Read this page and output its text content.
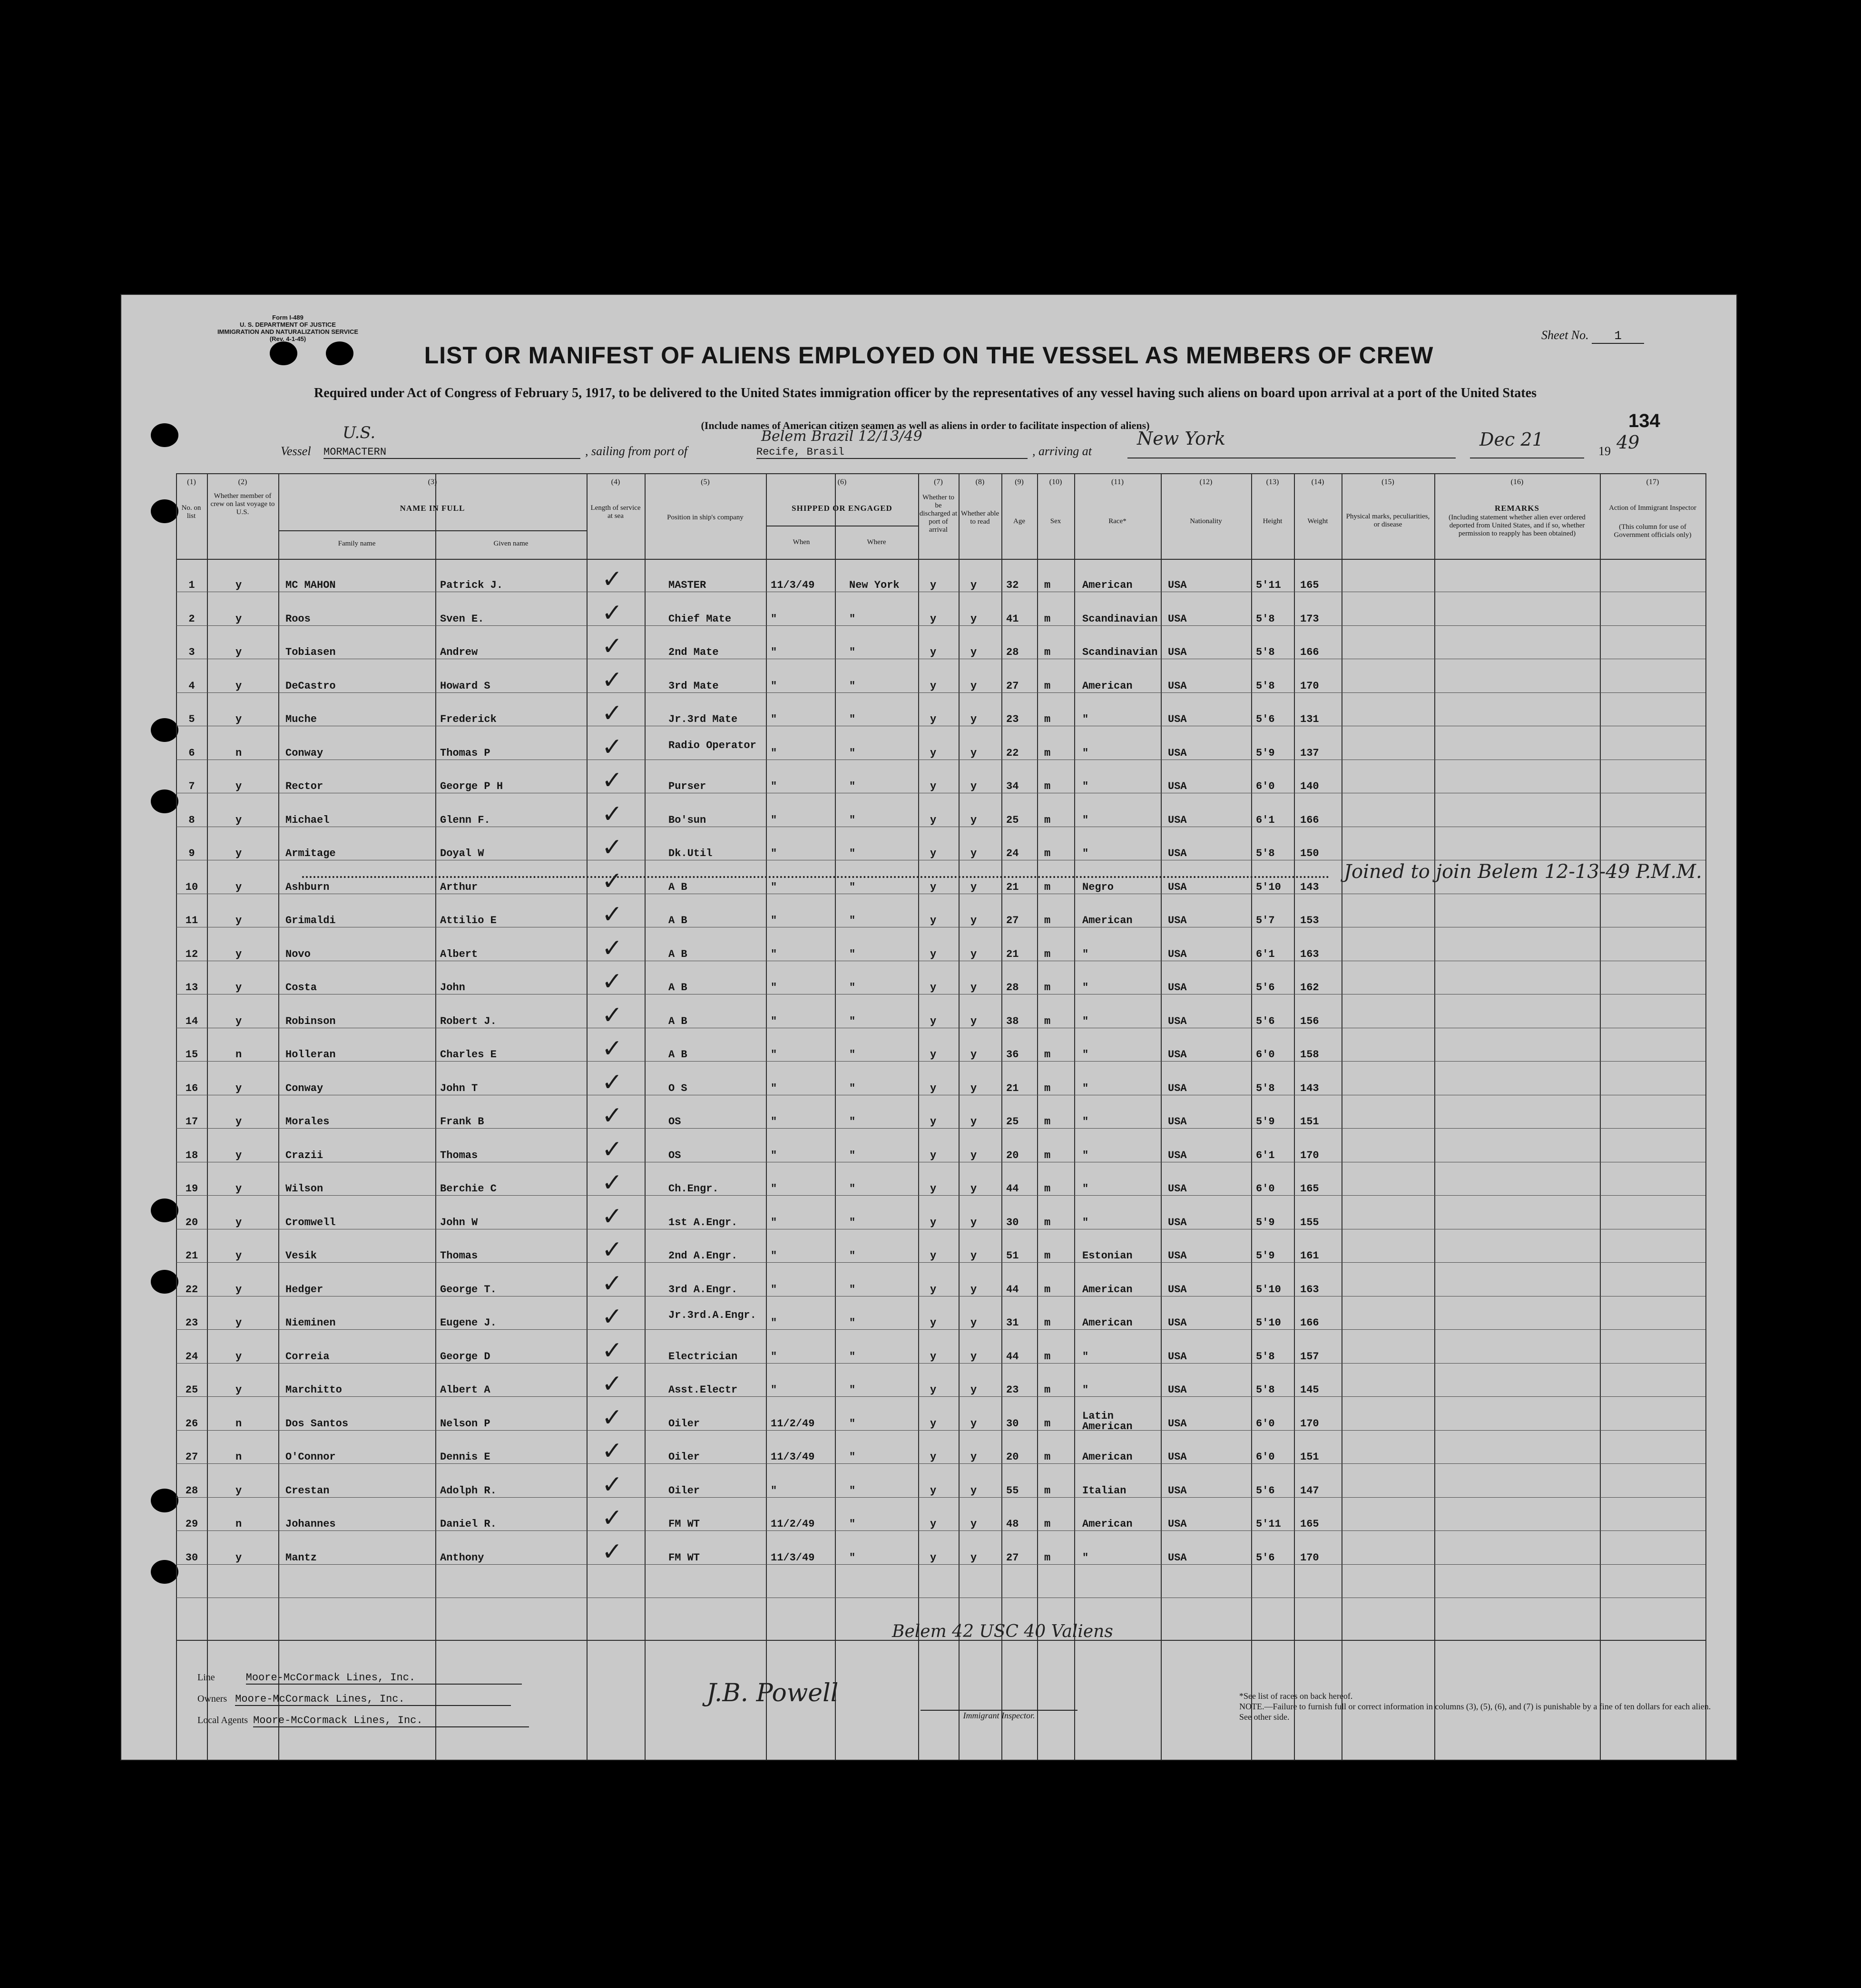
Form I-489
U. S. DEPARTMENT OF JUSTICE
IMMIGRATION AND NATURALIZATION SERVICE
(Rev. 4-1-45)
LIST OR MANIFEST OF ALIENS EMPLOYED ON THE VESSEL AS MEMBERS OF CREW
Sheet No. 1
Required under Act of Congress of February 5, 1917, to be delivered to the United States immigration officer by the representatives of any vessel having such aliens on board upon arrival at a port of the United States
(Include names of American citizen seamen as well as aliens in order to facilitate inspection of aliens)	134
Vessel MORMACTERN
U.S.
, sailing from port of	Recife, Brasil
Belem Brazil 12/13/49
, arriving at
New York	Dec 21
19 49
(1)	(2)	(3)	(4)	(5)	(6)	(7)	(8)	(9)	(10)	(11)	(12)	(13)	(14)	(15)	(16)	(17)
No. on list
Whether member of crew on last voyage to U.S.	NAME IN FULL
Family name	Given name
Length of service at sea	Position in ship's company
SHIPPED OR ENGAGED
When	Where
Whether to be discharged at port of arrival
Whether able to read	Age	Sex	Race*	Nationality	Height	Weight
Physical marks, peculiarities, or disease
REMARKS
(Including statement whether alien ever ordered deported from United States, and if so, whether permission to reapply has been obtained)
Action of Immigrant Inspector
(This column for use of Government officials only)
1	y	MC MAHON	Patrick J.	MASTER	11/3/49	New York	y	y	32	m	American	USA	5'11	165
✓
2	y	Roos	Sven E.	Chief Mate	"	"	y	y	41	m	Scandinavian USA	5'8	173
✓
3	y	Tobiasen	Andrew	2nd Mate	"	"	y	y	28	m	Scandinavian USA	5'8	166
✓
4	y	DeCastro	Howard S	3rd Mate	"	"	y	y	27	m	American	USA	5'8	170
✓
5	y	Muche	Frederick	Jr.3rd Mate	"	"	y	y	23	m	"	USA	5'6	131
✓
6	n	Conway	Thomas P
Radio Operator
"	"	y	y	22	m	"	USA	5'9	137
✓
7	y	Rector	George P H	Purser	"	"	y	y	34	m	"	USA	6'0	140
✓
8	y	Michael	Glenn F.	Bo'sun	"	"	y	y	25	m	"	USA	6'1	166
✓
9	y	Armitage	Doyal W	Dk.Util	"	"	y	y	24	m	"	USA	5'8	150
✓
10	y	Ashburn	Arthur	A B	"	"	y	y	21	m	Negro	USA	5'10	143
✓
11	y	Grimaldi	Attilio E	A B	"	"	y	y	27	m	American	USA	5'7	153
✓
12	y	Novo	Albert	A B	"	"	y	y	21	m	"	USA	6'1	163
✓
13	y	Costa	John	A B	"	"	y	y	28	m	"	USA	5'6	162
✓
14	y	Robinson	Robert J.	A B	"	"	y	y	38	m	"	USA	5'6	156
✓
15	n	Holleran	Charles E	A B	"	"	y	y	36	m	"	USA	6'0	158
✓
16	y	Conway	John T	O S	"	"	y	y	21	m	"	USA	5'8	143
✓
17	y	Morales	Frank B	OS	"	"	y	y	25	m	"	USA	5'9	151
✓
18	y	Crazii	Thomas	OS	"	"	y	y	20	m	"	USA	6'1	170
✓
19	y	Wilson	Berchie C	Ch.Engr.	"	"	y	y	44	m	"	USA	6'0	165
✓
20	y	Cromwell	John W	1st A.Engr.	"	"	y	y	30	m	"	USA	5'9	155
✓
21	y	Vesik	Thomas	2nd A.Engr.	"	"	y	y	51	m	Estonian	USA	5'9	161
✓
22	y	Hedger	George T.	3rd A.Engr.	"	"	y	y	44	m	American	USA	5'10	163
✓
23	y	Nieminen	Eugene J.
Jr.3rd.A.Engr.
"	"	y	y	31	m	American	USA	5'10	166
✓
24	y	Correia	George D	Electrician	"	"	y	y	44	m	"	USA	5'8	157
✓
25	y	Marchitto	Albert A	Asst.Electr	"	"	y	y	23	m	"	USA	5'8	145
✓
26	n	Dos Santos	Nelson P	Oiler	11/2/49	"	y	y	30	m
Latin American	USA	6'0	170
✓
27	n	O'Connor	Dennis E	Oiler	11/3/49	"	y	y	20	m	American	USA	6'0	151
✓
28	y	Crestan	Adolph R.	Oiler	"	"	y	y	55	m	Italian	USA	5'6	147
✓
29	n	Johannes	Daniel R.	FM WT	11/2/49	"	y	y	48	m	American	USA	5'11	165
✓
30	y	Mantz	Anthony	FM WT	11/3/49	"	y	y	27	m	"	USA	5'6	170
✓
Joined to join Belem 12-13-49 P.M.M.
Belem 42 USC 40 Valiens
Line	Moore-McCormack Lines, Inc.
Owners Moore-McCormack Lines, Inc.
Local Agents Moore-McCormack Lines, Inc.
J.B. Powell
Immigrant Inspector.
*See list of races on back hereof.
NOTE.—Failure to furnish full or correct information in columns (3), (5), (6), and (7) is punishable by a fine of ten dollars for each alien. See other side.
